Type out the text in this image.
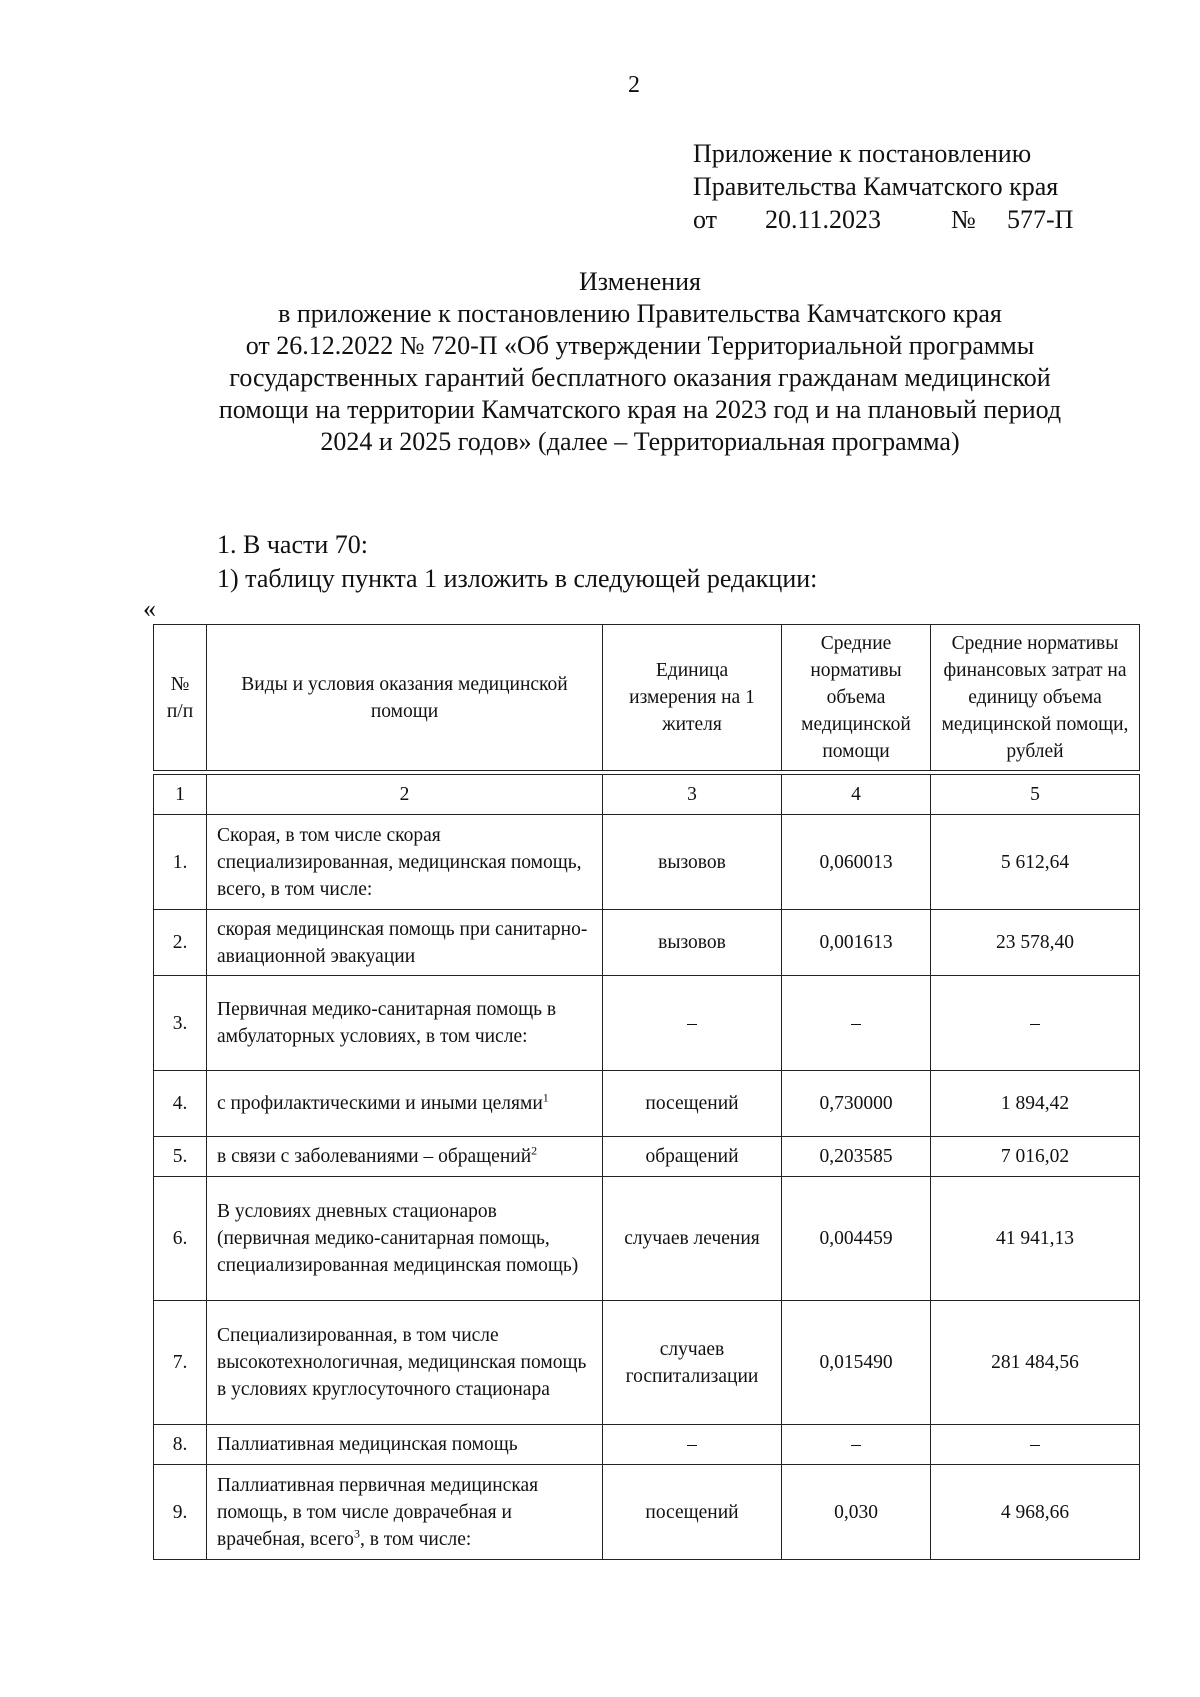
2
Приложение к постановлению
Правительства Камчатского края
от	20.11.2023	№	577-П
Изменения
в приложение к постановлению Правительства Камчатского края
от 26.12.2022 № 720-П «Об утверждении Территориальной программы
государственных гарантий бесплатного оказания гражданам медицинской
помощи на территории Камчатского края на 2023 год и на плановый период
2024 и 2025 годов» (далее – Территориальная программа)
1. В части 70:
1) таблицу пункта 1 изложить в следующей редакции:
«
№ п/п	Виды и условия оказания медицинской помощи	Единица измерения на 1 жителя	Средние нормативы объема медицинской помощи	Средние нормативы финансовых затрат на единицу объема медицинской помощи, рублей

1	2	3	4	5
1.	Скорая, в том числе скорая специализированная, медицинская помощь, всего, в том числе:	вызовов	0,060013	5 612,64
2.	скорая медицинская помощь при санитарно-авиационной эвакуации	вызовов	0,001613	23 578,40
3.	Первичная медико-санитарная помощь в амбулаторных условиях, в том числе:	–	–	–
4.	с профилактическими и иными целями$^1$	посещений	0,730000	1 894,42
5.	в связи с заболеваниями – обращений$^2$	обращений	0,203585	7 016,02
6.	В условиях дневных стационаров (первичная медико-санитарная помощь, специализированная медицинская помощь)	случаев лечения	0,004459	41 941,13
7.	Специализированная, в том числе высокотехнологичная, медицинская помощь в условиях круглосуточного стационара	случаев госпитализации	0,015490	281 484,56
8.	Паллиативная медицинская помощь	–	–	–
9.	Паллиативная первичная медицинская помощь, в том числе доврачебная и врачебная, всего$^3$, в том числе:	посещений	0,030	4 968,66
